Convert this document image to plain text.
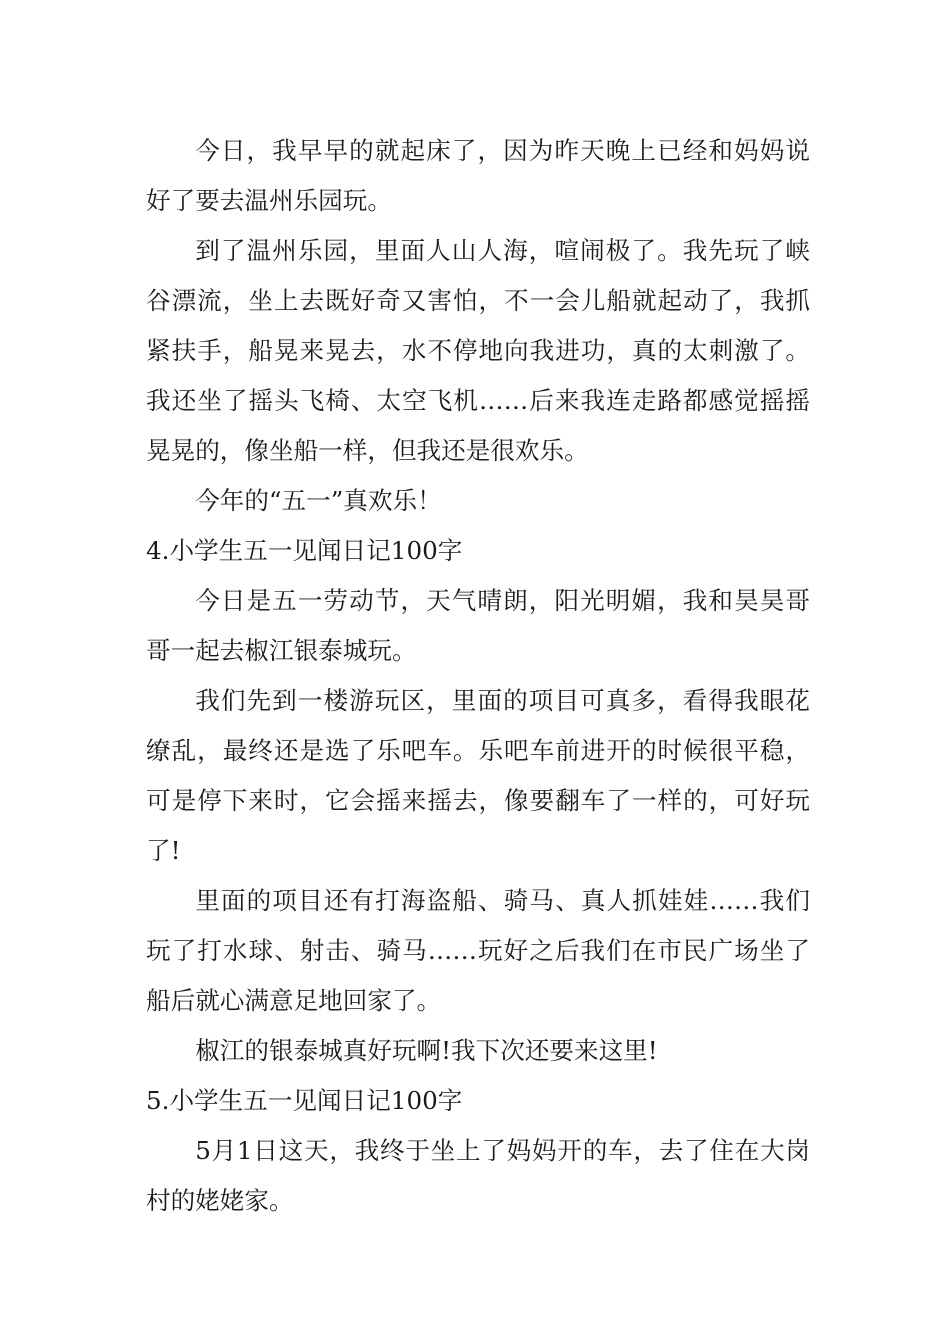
今日，我早早的就起床了，因为昨天晚上已经和妈妈说好了要去温州乐园玩。

到了温州乐园，里面人山人海，喧闹极了。我先玩了峡谷漂流，坐上去既好奇又害怕，不一会儿船就起动了，我抓紧扶手，船晃来晃去，水不停地向我进功，真的太刺激了。我还坐了摇头飞椅、太空飞机……后来我连走路都感觉摇摇晃晃的，像坐船一样，但我还是很欢乐。

今年的“五一”真欢乐！

4.小学生五一见闻日记100字

今日是五一劳动节，天气晴朗，阳光明媚，我和昊昊哥哥一起去椒江银泰城玩。

我们先到一楼游玩区，里面的项目可真多，看得我眼花缭乱，最终还是选了乐吧车。乐吧车前进开的时候很平稳，可是停下来时，它会摇来摇去，像要翻车了一样的，可好玩了!

里面的项目还有打海盗船、骑马、真人抓娃娃……我们玩了打水球、射击、骑马……玩好之后我们在市民广场坐了船后就心满意足地回家了。

椒江的银泰城真好玩啊!我下次还要来这里!

5.小学生五一见闻日记100字

5月1日这天，我终于坐上了妈妈开的车，去了住在大岗村的姥姥家。
